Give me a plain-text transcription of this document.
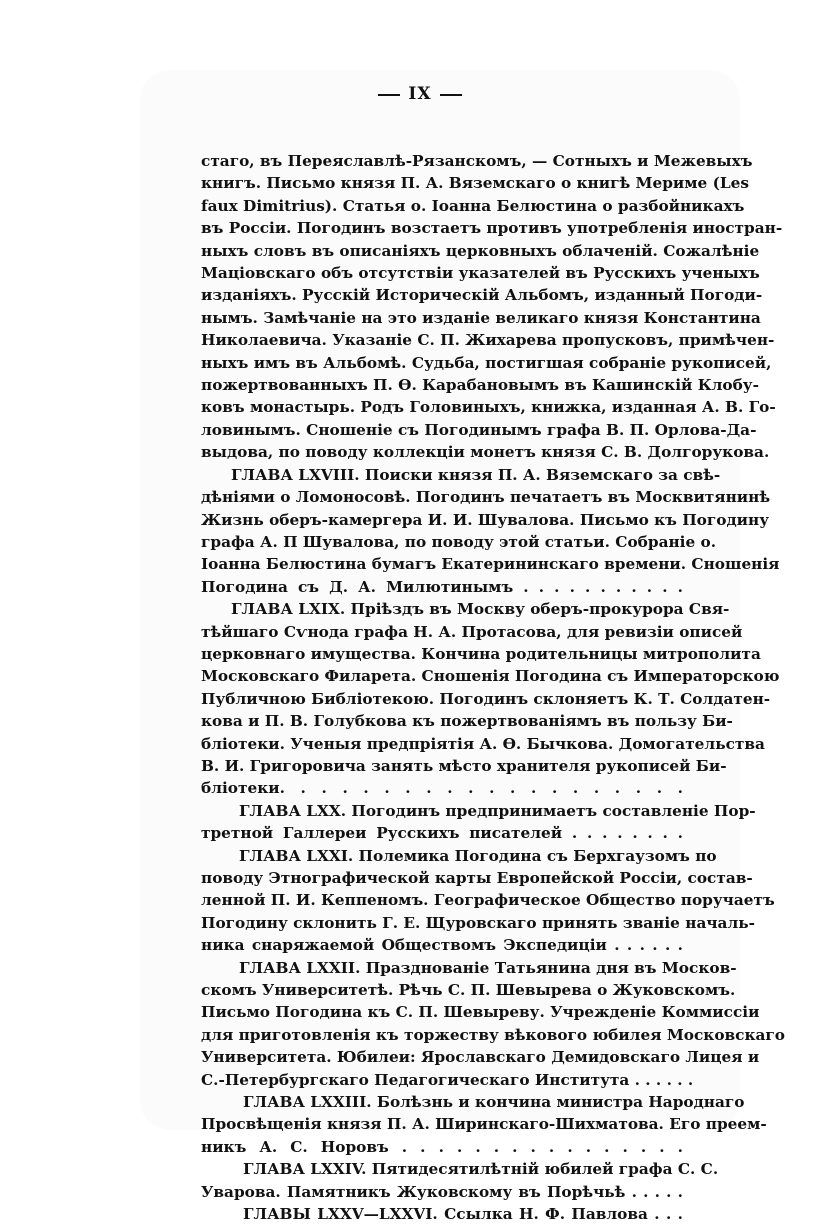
IX
стаго, въ Переяславлѣ-Рязанскомъ, — Сотныхъ и Межевыхъ
книгъ. Письмо князя П. А. Вяземскаго о книгѣ Мериме (Les
faux Dimitrius). Статья о. Іоанна Белюстина о разбойникахъ
въ Россіи. Погодинъ возстаетъ противъ употребленія иностран-
ныхъ словъ въ описаніяхъ церковныхъ облаченій. Сожалѣніе
Маціовскаго объ отсутствіи указателей въ Русскихъ ученыхъ
изданіяхъ. Русскій Историческій Альбомъ, изданный Погоди-
нымъ. Замѣчаніе на это изданіе великаго князя Константина
Николаевича. Указаніе С. П. Жихарева пропусковъ, примѣчен-
ныхъ имъ въ Альбомѣ. Судьба, постигшая собраніе рукописей,
пожертвованныхъ П. Ѳ. Карабановымъ въ Кашинскій Клобу-
ковъ монастырь. Родъ Головиныхъ, книжка, изданная А. В. Го-
ловинымъ. Сношеніе съ Погодинымъ графа В. П. Орлова-Да-
выдова, по поводу коллекціи монетъ князя С. В. Долгорукова.
ГЛАВА LXVIII. Поиски князя П. А. Вяземскаго за свѣ-
дѣніями о Ломоносовѣ. Погодинъ печатаетъ въ Москвитянинѣ
Жизнь оберъ-камергера И. И. Шувалова. Письмо къ Погодину
графа А. П Шувалова, по поводу этой статьи. Собраніе о.
Іоанна Белюстина бумагъ Екатерининскаго времени. Сношенія
Погодина съ Д. А. Милютинымъ . . . . . . . . . . .
ГЛАВА LXIX. Пріѣздъ въ Москву оберъ-прокурора Свя-
тѣйшаго Сѵнода графа Н. А. Протасова, для ревизіи описей
церковнаго имущества. Кончина родительницы митрополита
Московскаго Филарета. Сношенія Погодина съ Императорскою
Публичною Библіотекою. Погодинъ склоняетъ К. Т. Солдатен-
кова и П. В. Голубкова къ пожертвованіямъ въ пользу Би-
бліотеки. Ученыя предпріятія А. Ѳ. Бычкова. Домогательства
В. И. Григоровича занять мѣсто хранителя рукописей Би-
бліотеки. . . . . . . . . . . . . . . . . . . .
ГЛАВА LXX. Погодинъ предпринимаетъ составленіе Пор-
третной Галлереи Русскихъ писателей . . . . . . . .
ГЛАВА LXXI. Полемика Погодина съ Берхгаузомъ по
поводу Этнографической карты Европейской Россіи, состав-
ленной П. И. Кеппеномъ. Географическое Общество поручаетъ
Погодину склонить Г. Е. Щуровскаго принять званіе началь-
ника снаряжаемой Обществомъ Экспедиціи . . . . . .
ГЛАВА LXXII. Празднованіе Татьянина дня въ Москов-
скомъ Университетѣ. Рѣчь С. П. Шевырева о Жуковскомъ.
Письмо Погодина къ С. П. Шевыреву. Учрежденіе Коммиссіи
для приготовленія къ торжеству вѣкового юбилея Московскаго
Университета. Юбилеи: Ярославскаго Демидовскаго Лицея и
С.-Петербургскаго Педагогическаго Института . . . . . .
ГЛАВА LXXIII. Болѣзнь и кончина министра Народнаго
Просвѣщенія князя П. А. Ширинскаго-Шихматова. Его преем-
никъ А. С. Норовъ . . . . . . . . . . . . . . . .
ГЛАВА LXXIV. Пятидесятилѣтній юбилей графа С. С.
Уварова. Памятникъ Жуковскому въ Порѣчьѣ . . . . .
ГЛАВЫ LXXV—LXXVI. Ссылка Н. Ф. Павлова . . .
